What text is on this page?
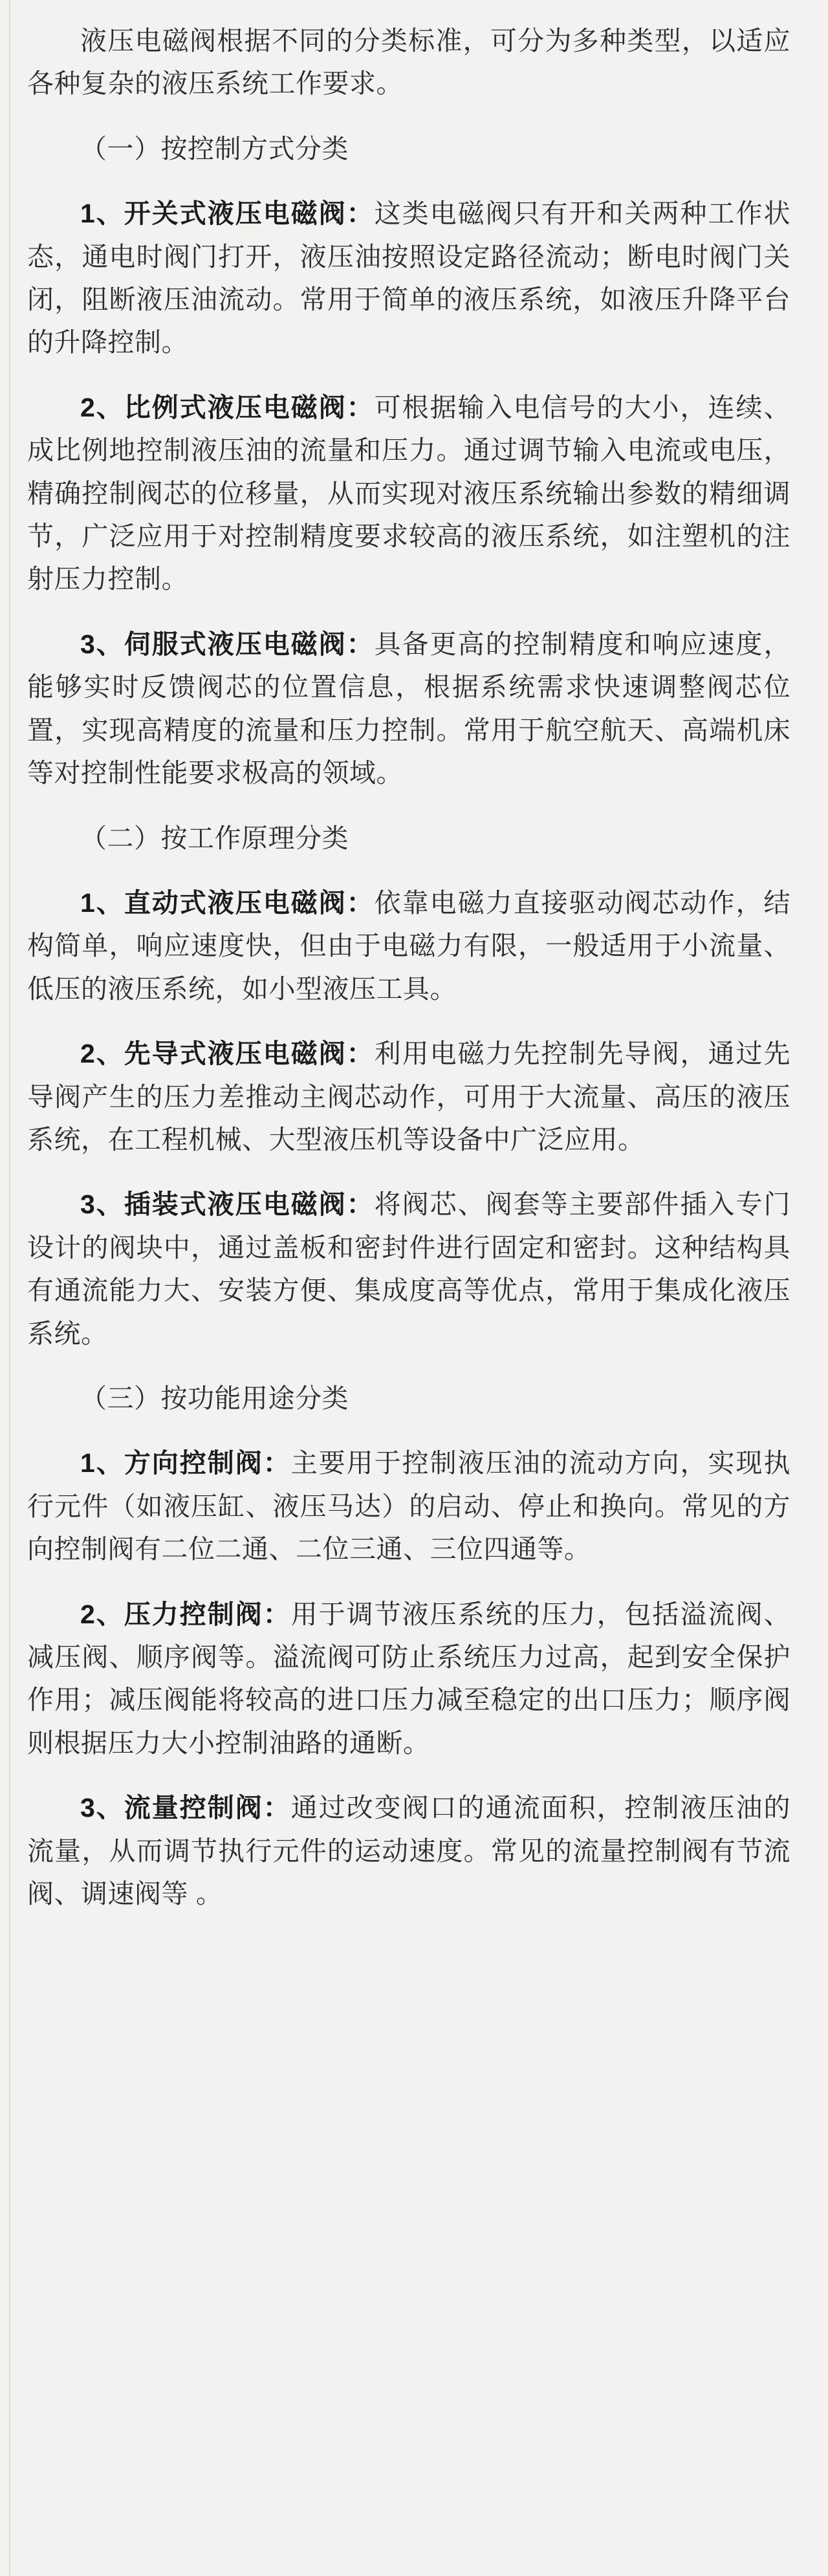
液压电磁阀根据不同的分类标准，可分为多种类型，以适应各种复杂的液压系统工作要求。

（一）按控制方式分类

1、开关式液压电磁阀：这类电磁阀只有开和关两种工作状态，通电时阀门打开，液压油按照设定路径流动；断电时阀门关闭，阻断液压油流动。常用于简单的液压系统，如液压升降平台的升降控制。

2、比例式液压电磁阀：可根据输入电信号的大小，连续、成比例地控制液压油的流量和压力。通过调节输入电流或电压，精确控制阀芯的位移量，从而实现对液压系统输出参数的精细调节，广泛应用于对控制精度要求较高的液压系统，如注塑机的注射压力控制。

3、伺服式液压电磁阀：具备更高的控制精度和响应速度，能够实时反馈阀芯的位置信息，根据系统需求快速调整阀芯位置，实现高精度的流量和压力控制。常用于航空航天、高端机床等对控制性能要求极高的领域。

（二）按工作原理分类

1、直动式液压电磁阀：依靠电磁力直接驱动阀芯动作，结构简单，响应速度快，但由于电磁力有限，一般适用于小流量、低压的液压系统，如小型液压工具。

2、先导式液压电磁阀：利用电磁力先控制先导阀，通过先导阀产生的压力差推动主阀芯动作，可用于大流量、高压的液压系统，在工程机械、大型液压机等设备中广泛应用。

3、插装式液压电磁阀：将阀芯、阀套等主要部件插入专门设计的阀块中，通过盖板和密封件进行固定和密封。这种结构具有通流能力大、安装方便、集成度高等优点，常用于集成化液压系统。

（三）按功能用途分类

1、方向控制阀：主要用于控制液压油的流动方向，实现执行元件（如液压缸、液压马达）的启动、停止和换向。常见的方向控制阀有二位二通、二位三通、三位四通等。

2、压力控制阀：用于调节液压系统的压力，包括溢流阀、减压阀、顺序阀等。溢流阀可防止系统压力过高，起到安全保护作用；减压阀能将较高的进口压力减至稳定的出口压力；顺序阀则根据压力大小控制油路的通断。

3、流量控制阀：通过改变阀口的通流面积，控制液压油的流量，从而调节执行元件的运动速度。常见的流量控制阀有节流阀、调速阀等 。
